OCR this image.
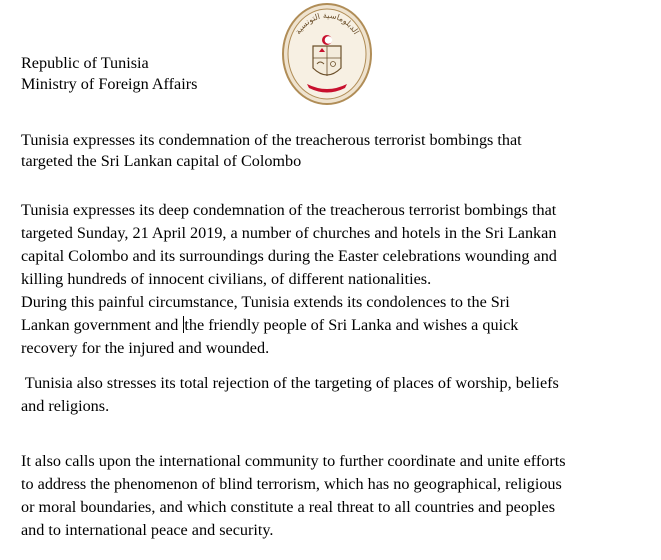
الدبلوماسية التونسية
Republic of Tunisia
Ministry of Foreign Affairs
Tunisia expresses its condemnation of the treacherous terrorist bombings that
targeted the Sri Lankan capital of Colombo
Tunisia expresses its deep condemnation of the treacherous terrorist bombings that
targeted Sunday, 21 April 2019, a number of churches and hotels in the Sri Lankan
capital Colombo and its surroundings during the Easter celebrations wounding and
killing hundreds of innocent civilians, of different nationalities.
During this painful circumstance, Tunisia extends its condolences to the Sri
Lankan government and the friendly people of Sri Lanka and wishes a quick
recovery for the injured and wounded.
Tunisia also stresses its total rejection of the targeting of places of worship, beliefs
and religions.
It also calls upon the international community to further coordinate and unite efforts
to address the phenomenon of blind terrorism, which has no geographical, religious
or moral boundaries, and which constitute a real threat to all countries and peoples
and to international peace and security.
